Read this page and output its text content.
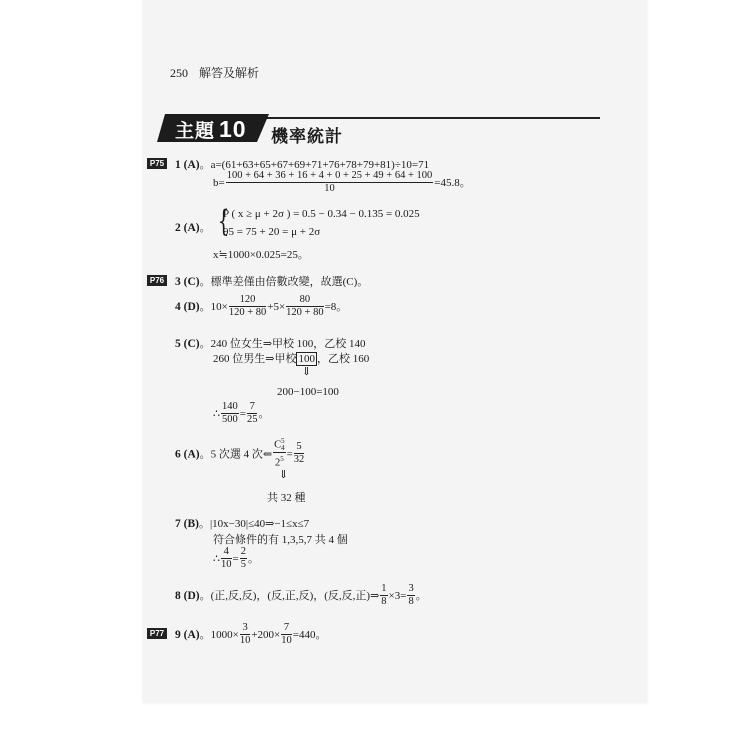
250 解答及解析
主題 10 機率統計
P75 1 (A)。a=(61+63+65+67+69+71+76+78+79+81)÷10=71
$b= \frac{100 + 64 + 36 + 16 + 4 + 0 + 25 + 49 + 64 + 100}{10} =45.8$。
2 (A)。 {
P ( x ≥ μ + 2σ ) = 0.5 − 0.34 − 0.135 = 0.025
95 = 75 + 20 = μ + 2σ
x≒1000×0.025=25。
P76 3 (C)。標準差僅由倍數改變，故選(C)。
4 (D)。$10\times \frac{120}{120 + 80} +5\times \frac{80}{120 + 80} =8$。
5 (C)。240 位女生⇒甲校 100，乙校 140
260 位男生⇒甲校 100 ，乙校 160
⇓
200−100=100
∴ $\frac{140}{500} = \frac{7}{25}$ 。
6 (A)。5 次選 4 次⇐ C 5
4
$2^5 = \frac{5}{32}$
⇓
共 32 種
7 (B)。|10x−30|≤40⇒−1≤x≤7
符合條件的有 1,3,5,7 共 4 個
∴ $\frac{4}{10} = \frac{2}{5}$ 。
8 (D)。(正,反,反)，(反,正,反)，(反,反,正)⇒ $\frac{1}{8} \times 3= \frac{3}{8}$ 。
P77 9 (A)。$1000\times \frac{3}{10} +200\times \frac{7}{10} =440$。
